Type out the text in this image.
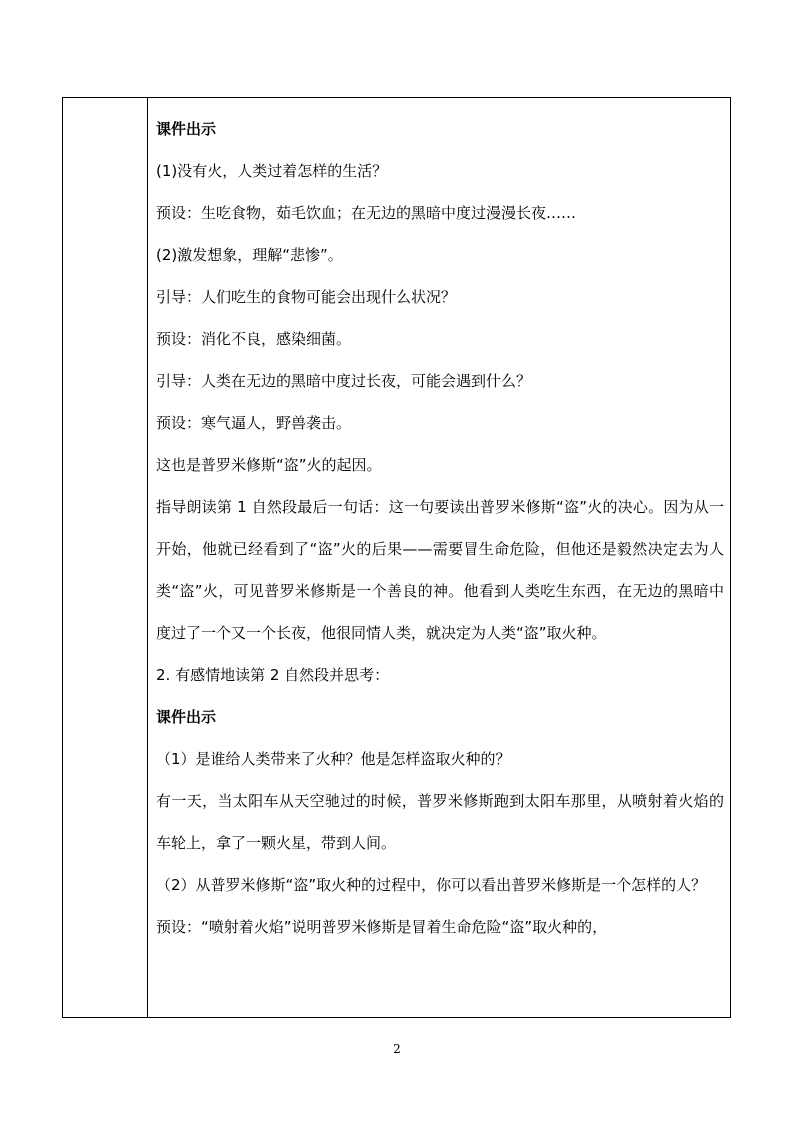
课件出示
(1)没有火，人类过着怎样的生活？
预设：生吃食物，茹毛饮血；在无边的黑暗中度过漫漫长夜……
(2)激发想象，理解“悲惨”。
引导：人们吃生的食物可能会出现什么状况？
预设：消化不良，感染细菌。
引导：人类在无边的黑暗中度过长夜，可能会遇到什么？
预设：寒气逼人，野兽袭击。
这也是普罗米修斯“盗”火的起因。
指导朗读第 1 自然段最后一句话：这一句要读出普罗米修斯“盗”火的决心。因为从一开始，他就已经看到了“盗”火的后果——需要冒生命危险，但他还是毅然决定去为人类“盗”火，可见普罗米修斯是一个善良的神。他看到人类吃生东西，在无边的黑暗中度过了一个又一个长夜，他很同情人类，就决定为人类“盗”取火种。
2. 有感情地读第 2 自然段并思考：
课件出示
（1）是谁给人类带来了火种？他是怎样盗取火种的？
有一天，当太阳车从天空驰过的时候，普罗米修斯跑到太阳车那里，从喷射着火焰的车轮上，拿了一颗火星，带到人间。
（2）从普罗米修斯“盗”取火种的过程中，你可以看出普罗米修斯是一个怎样的人？
预设：“喷射着火焰”说明普罗米修斯是冒着生命危险“盗”取火种的，
2
